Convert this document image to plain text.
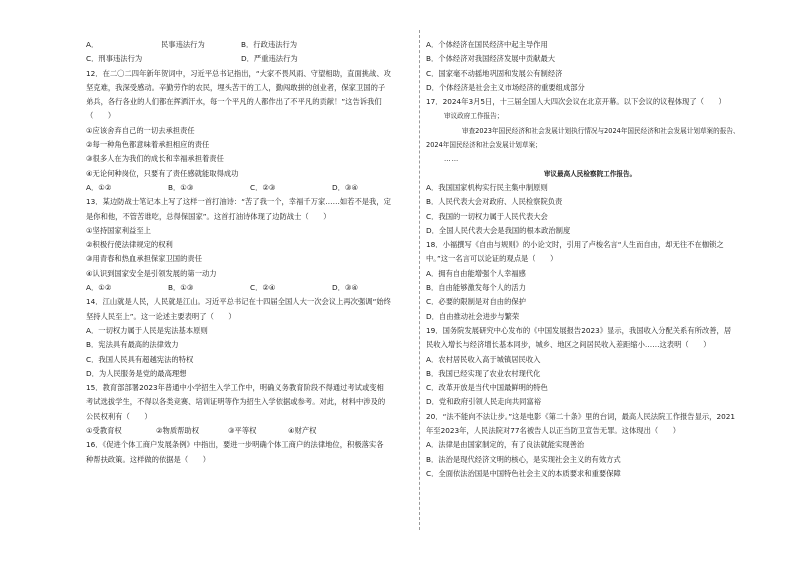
A．	民事违法行为	B．行政违法行为
C．刑事违法行为	D．严重违法行为
12．在二〇二四年新年贺词中，习近平总书记指出，“大家不畏风雨、守望相助，直面挑战、攻
坚克难，我深受感动。辛勤劳作的农民，埋头苦干的工人，勤闯敢拼的创业者，保家卫国的子
弟兵，各行各业的人们都在挥洒汗水，每一个平凡的人都作出了不平凡的贡献！”这告诉我们
（　　）
①应该舍弃自己的一切去承担责任
②每一种角色都意味着承担相应的责任
③很多人在为我们的成长和幸福承担着责任
④无论何种岗位，只要有了责任感就能取得成功
A．①②	B．①③	C．②③	D．③④
13．某边防战士笔记本上写了这样一首打油诗：“苦了我一个，幸福千万家……如若不是我，定
是你和他，不管苦谁吃，总得保国家”。这首打油诗体现了边防战士（　　）
①坚持国家利益至上
②积极行使法律规定的权利
③用青春和热血承担保家卫国的责任
④认识到国家安全是引领发展的第一动力
A．①②	B．①③	C．②④	D．③④
14．江山就是人民，人民就是江山。习近平总书记在十四届全国人大一次会议上再次强调“始终
坚持人民至上”。这一论述主要表明了（　　）
A．一切权力属于人民是宪法基本原则
B．宪法具有最高的法律效力
C．我国人民具有超越宪法的特权
D．为人民服务是党的最高理想
15．教育部部署2023年普通中小学招生入学工作中，明确义务教育阶段不得通过考试或变相
考试选拔学生，不得以各类竞赛、培训证明等作为招生入学依据或参考。对此，材料中涉及的
公民权利有（　　）
①受教育权	②物质帮助权	③平等权	④财产权
16．《促进个体工商户发展条例》中指出，要进一步明确个体工商户的法律地位，积极落实各
种帮扶政策。这样做的依据是（　　）
A．个体经济在国民经济中起主导作用
B．个体经济对我国经济发展中贡献最大
C．国家毫不动摇地巩固和发展公有制经济
D．个体经济是社会主义市场经济的重要组成部分
17．2024年3月5日，十三届全国人大四次会议在北京开幕。以下会议的议程体现了（　　）
审议政府工作报告；
审查2023年国民经济和社会发展计划执行情况与2024年国民经济和社会发展计划草案的报告、
2024年国民经济和社会发展计划草案；
……
审议最高人民检察院工作报告。
A．我国国家机构实行民主集中制原则
B．人民代表大会对政府、人民检察院负责
C．我国的一切权力属于人民代表大会
D．全国人民代表大会是我国的根本政治制度
18．小福撰写《自由与规则》的小论文时，引用了卢梭名言“人生而自由，却无往不在枷锁之
中。”这一名言可以论证的观点是（　　）
A．拥有自由能增强个人幸福感
B．自由能够激发每个人的活力
C．必要的限制是对自由的保护
D．自由推动社会进步与繁荣
19．国务院发展研究中心发布的《中国发展报告2023》显示，我国收入分配关系有所改善，居
民收入增长与经济增长基本同步，城乡、地区之间居民收入差距缩小……这表明（　　）
A．农村居民收入高于城镇居民收入
B．我国已经实现了农业农村现代化
C．改革开放是当代中国最鲜明的特色
D．党和政府引领人民走向共同富裕
20．“法不能向不法让步。”这是电影《第二十条》里的台词，最高人民法院工作报告显示，2021
年至2023年，人民法院对77名被告人以正当防卫宣告无罪。这体现出（　　）
A．法律是由国家制定的，有了良法就能实现善治
B．法治是现代经济文明的核心，是实现社会主义的有效方式
C．全面依法治国是中国特色社会主义的本质要求和重要保障
